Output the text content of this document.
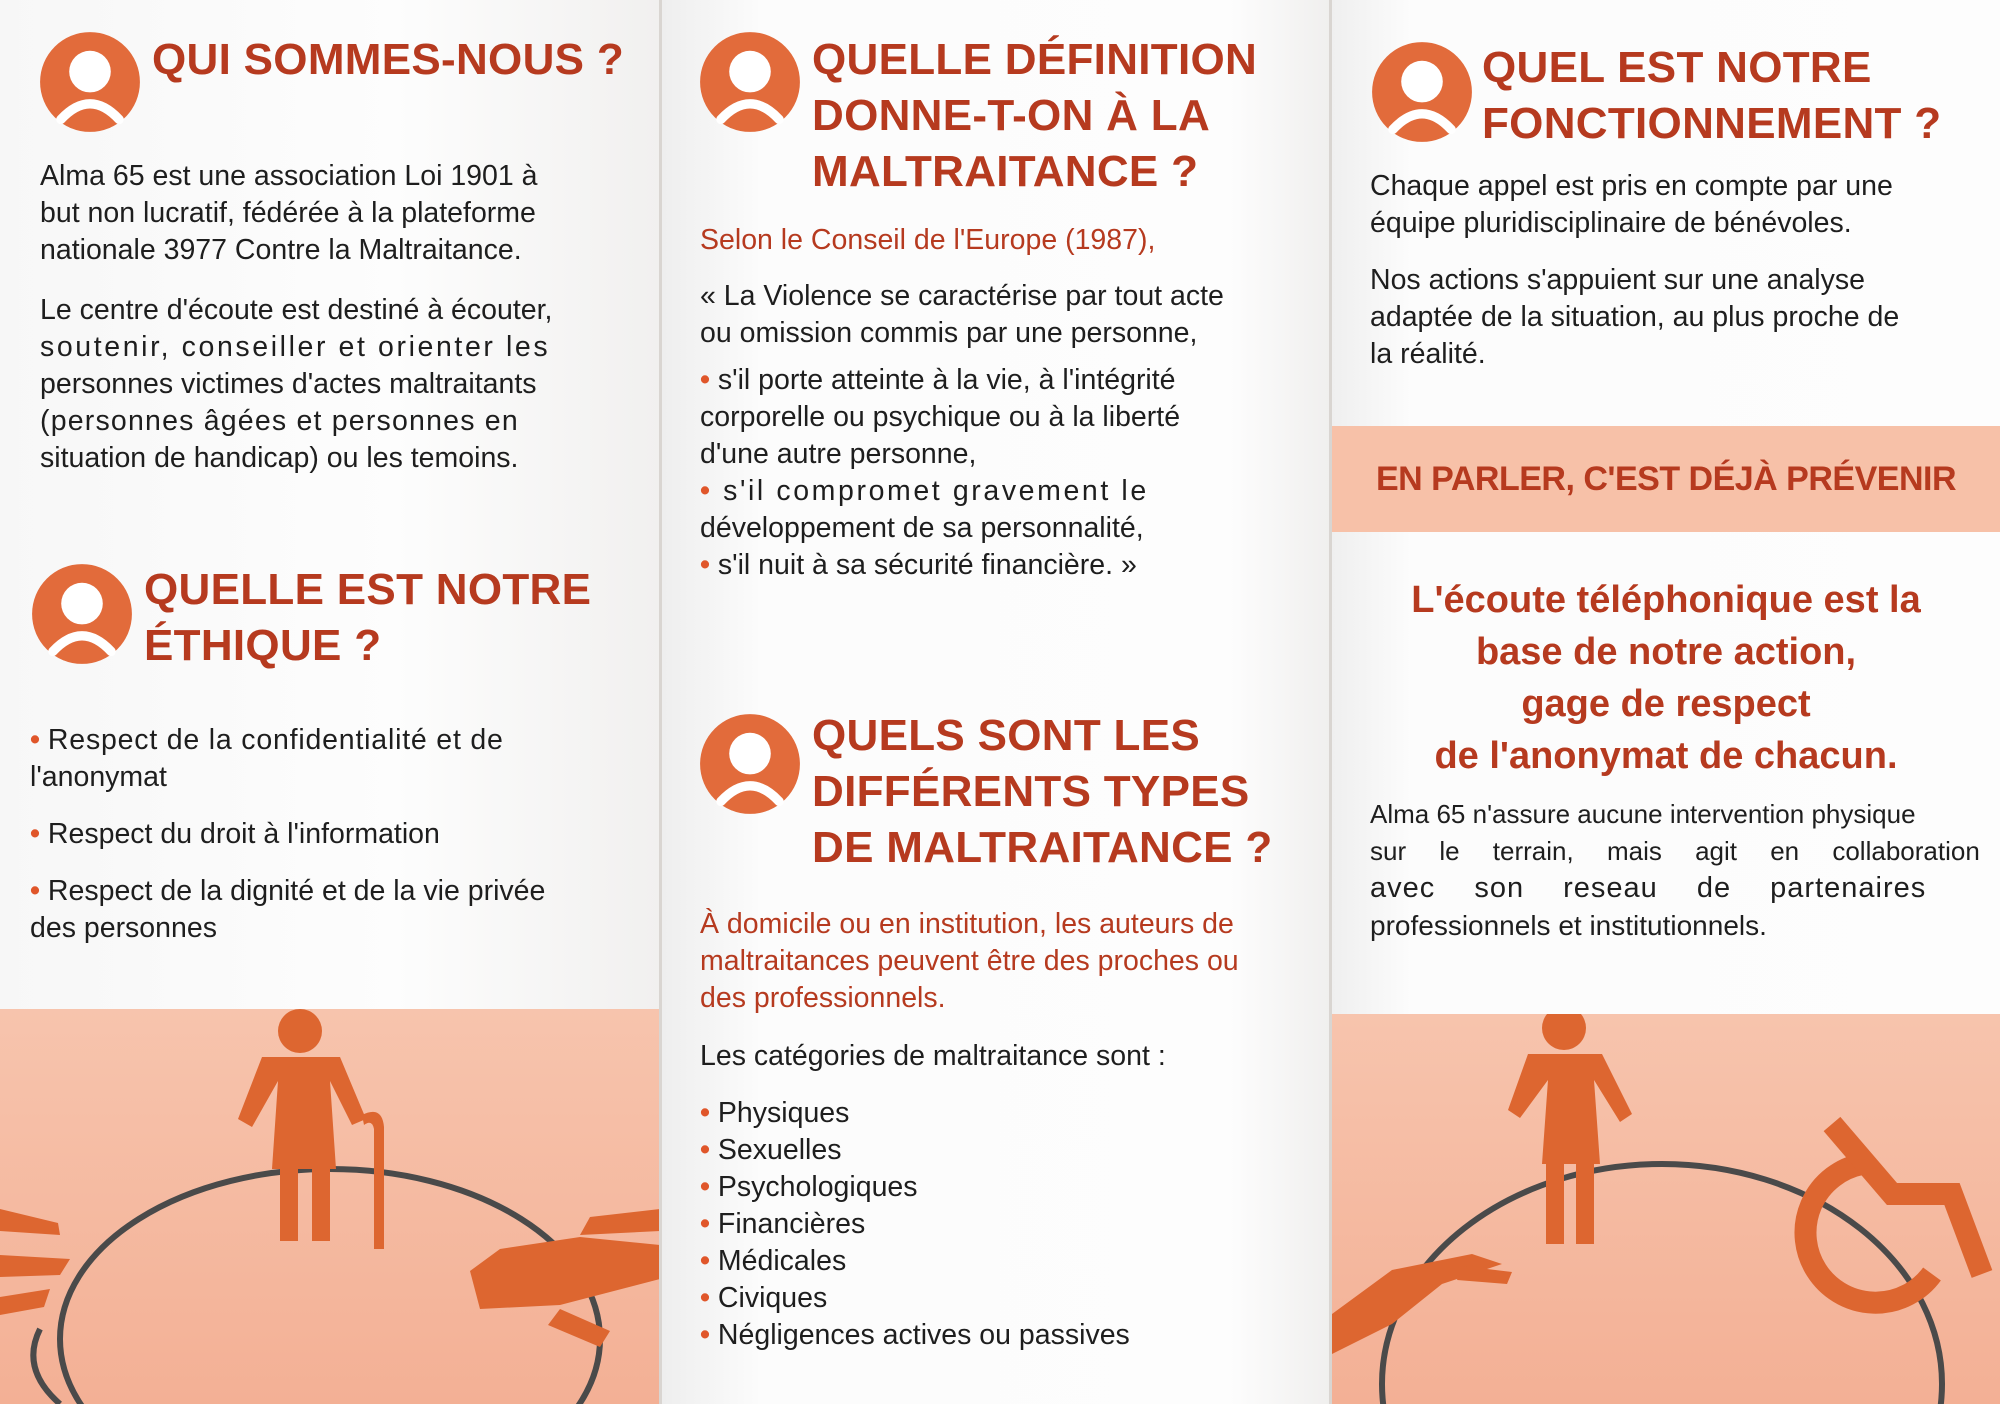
QUI SOMMES-NOUS ?

Alma 65 est une association Loi 1901 à
but non lucratif, fédérée à la plateforme
nationale 3977 Contre la Maltraitance.

Le centre d'écoute est destiné à écouter,
soutenir, conseiller et orienter les
personnes victimes d'actes maltraitants
(personnes âgées et personnes en
situation de handicap) ou les temoins.

QUELLE EST NOTRE
ÉTHIQUE ?
• Respect de la confidentialité et de
l'anonymat
• Respect du droit à l'information
• Respect de la dignité et de la vie privée
des personnes
QUELLE DÉFINITION
DONNE-T-ON À LA
MALTRAITANCE ?

Selon le Conseil de l'Europe (1987),

« La Violence se caractérise par tout acte
ou omission commis par une personne,
• s'il porte atteinte à la vie, à l'intégrité
corporelle ou psychique ou à la liberté
d'une autre personne,
• s'il compromet gravement le
développement de sa personnalité,
• s'il nuit à sa sécurité financière. »
QUELS SONT LES
DIFFÉRENTS TYPES
DE MALTRAITANCE ?

À domicile ou en institution, les auteurs de
maltraitances peuvent être des proches ou
des professionnels.

Les catégories de maltraitance sont :

• Physiques
• Sexuelles
• Psychologiques
• Financières
• Médicales
• Civiques
• Négligences actives ou passives
QUEL EST NOTRE
FONCTIONNEMENT ?

Chaque appel est pris en compte par une
équipe pluridisciplinaire de bénévoles.

Nos actions s'appuient sur une analyse
adaptée de la situation, au plus proche de
la réalité.

EN PARLER, C'EST DÉJÀ PRÉVENIR

L'écoute téléphonique est la
base de notre action,
gage de respect
de l'anonymat de chacun.

Alma 65 n'assure aucune intervention physique
sur le terrain, mais agit en collaboration
avec son reseau de partenaires
professionnels et institutionnels.
